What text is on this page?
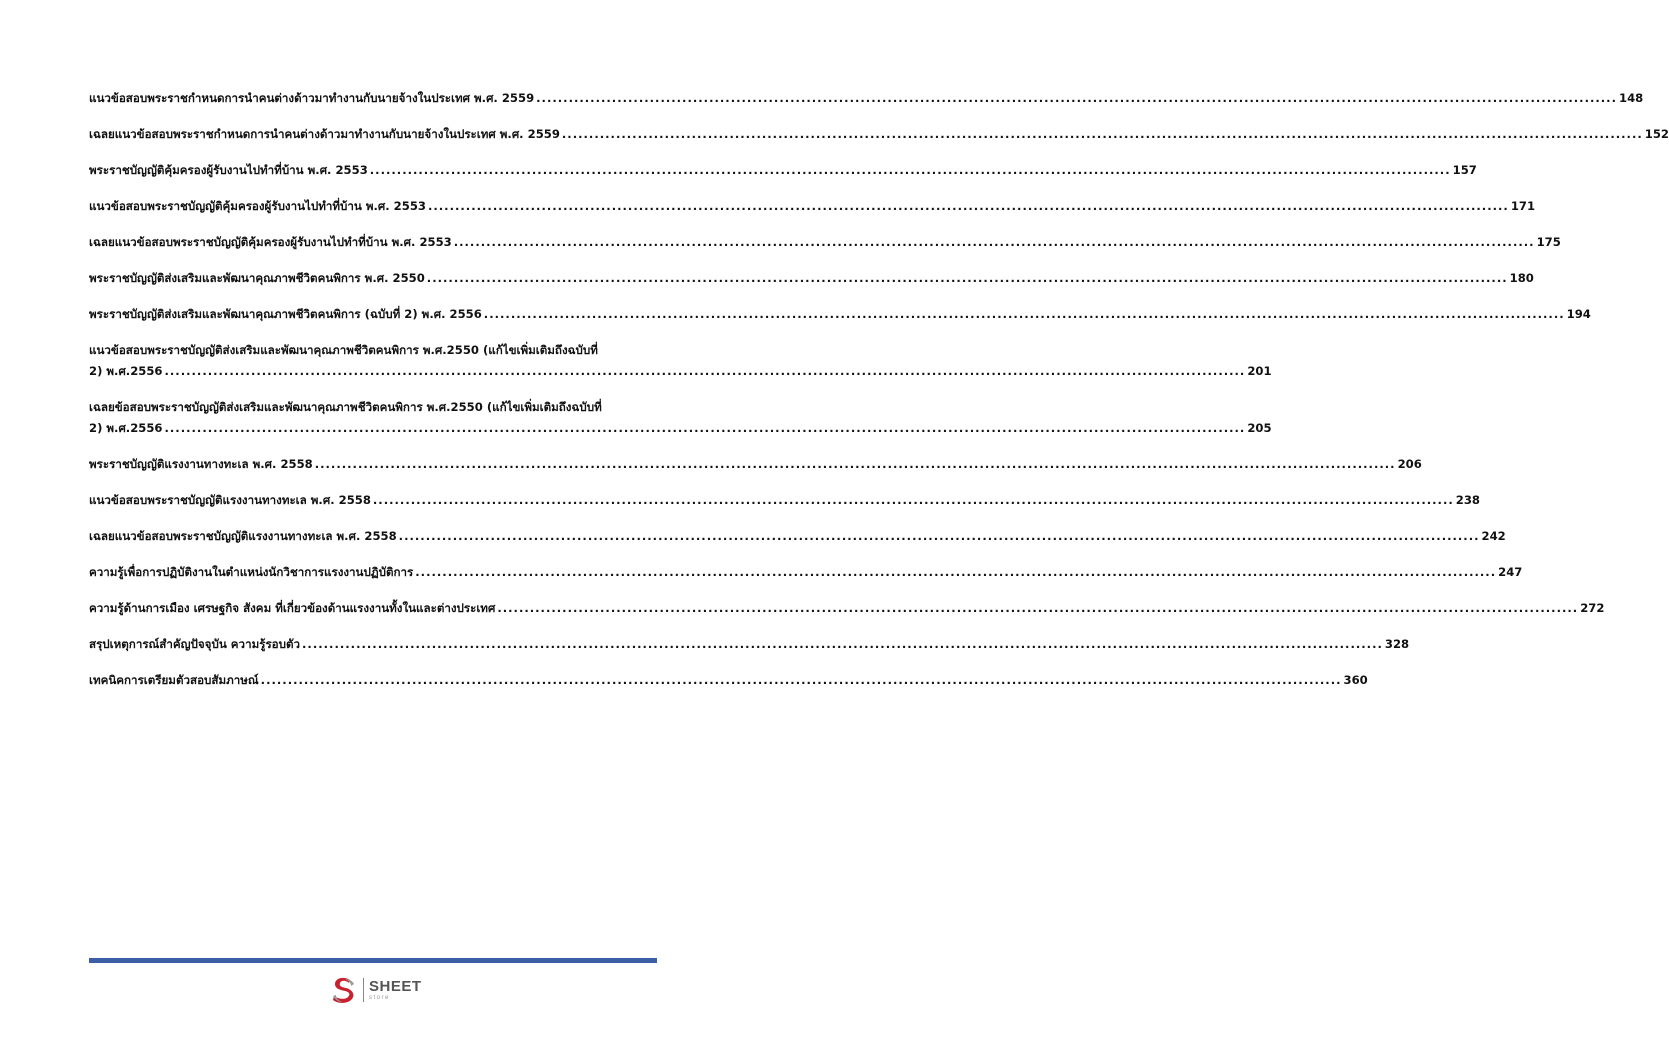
แนวข้อสอบพระราชกำหนดการนำคนต่างด้าวมาทำงานกับนายจ้างในประเทศ พ.ศ. 2559 .....	148
เฉลยแนวข้อสอบพระราชกำหนดการนำคนต่างด้าวมาทำงานกับนายจ้างในประเทศ พ.ศ. 2559 .....	152
พระราชบัญญัติคุ้มครองผู้รับงานไปทำที่บ้าน พ.ศ. 2553 .....	157
แนวข้อสอบพระราชบัญญัติคุ้มครองผู้รับงานไปทำที่บ้าน พ.ศ. 2553 .....	171
เฉลยแนวข้อสอบพระราชบัญญัติคุ้มครองผู้รับงานไปทำที่บ้าน พ.ศ. 2553 .....	175
พระราชบัญญัติส่งเสริมและพัฒนาคุณภาพชีวิตคนพิการ พ.ศ. 2550 .....	180
พระราชบัญญัติส่งเสริมและพัฒนาคุณภาพชีวิตคนพิการ (ฉบับที่ 2) พ.ศ. 2556 .....	194
แนวข้อสอบพระราชบัญญัติส่งเสริมและพัฒนาคุณภาพชีวิตคนพิการ พ.ศ.2550 (แก้ไขเพิ่มเติมถึงฉบับที่
2) พ.ศ.2556 .....	201
เฉลยข้อสอบพระราชบัญญัติส่งเสริมและพัฒนาคุณภาพชีวิตคนพิการ พ.ศ.2550 (แก้ไขเพิ่มเติมถึงฉบับที่
2) พ.ศ.2556 .....	205
พระราชบัญญัติแรงงานทางทะเล พ.ศ. 2558 .....	206
แนวข้อสอบพระราชบัญญัติแรงงานทางทะเล พ.ศ. 2558 .....	238
เฉลยแนวข้อสอบพระราชบัญญัติแรงงานทางทะเล พ.ศ. 2558 .....	242
ความรู้เพื่อการปฏิบัติงานในตำแหน่งนักวิชาการแรงงานปฏิบัติการ .....	247
ความรู้ด้านการเมือง เศรษฐกิจ สังคม ที่เกี่ยวข้องด้านแรงงานทั้งในและต่างประเทศ .....	272
สรุปเหตุการณ์สำคัญปัจจุบัน ความรู้รอบตัว .....	328
เทคนิคการเตรียมตัวสอบสัมภาษณ์ .....	360
SHEET
store
